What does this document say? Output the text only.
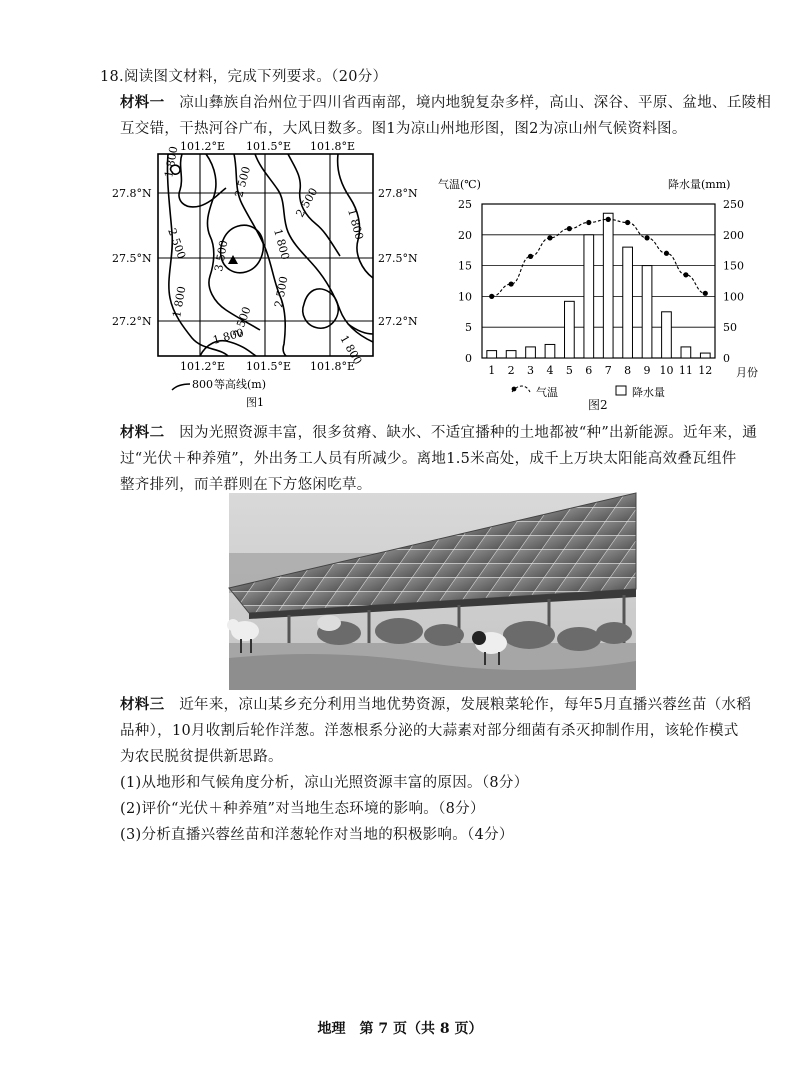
18.阅读图文材料，完成下列要求。（20分）
材料一　 凉山彝族自治州位于四川省西南部，境内地貌复杂多样，高山、深谷、平原、盆地、丘陵相
互交错，干热河谷广布，大风日数多。图1为凉山州地形图，图2为凉山州气候资料图。
1 800
2 500
2 500
2 500
1 800
1 800
3 500
1 800	2 500
1 800
2 500
1 800
101.2°E 101.5°E 101.8°E
101.2°E 101.5°E 101.8°E
27.8°N
27.5°N
27.2°N
27.8°N
27.5°N
27.2°N
800 等高线(m)
图1
0	0
5	50
10	100
15	150
20	200
25	250
1 2 3 4 5 6 7 8 9 10 11 12
气温(℃)	降水量(mm)
月份
气温	降水量
图2
材料二　 因为光照资源丰富，很多贫瘠、缺水、不适宜播种的土地都被“种”出新能源。近年来，通
过“光伏＋种养殖”，外出务工人员有所减少。离地1.5米高处，成千上万块太阳能高效叠瓦组件
整齐排列，而羊群则在下方悠闲吃草。
材料三　 近年来，凉山某乡充分利用当地优势资源，发展粮菜轮作，每年5月直播兴蓉丝苗（水稻
品种），10月收割后轮作洋葱。洋葱根系分泌的大蒜素对部分细菌有杀灭抑制作用，该轮作模式
为农民脱贫提供新思路。
(1)从地形和气候角度分析，凉山光照资源丰富的原因。（8分）
(2)评价“光伏＋种养殖”对当地生态环境的影响。（8分）
(3)分析直播兴蓉丝苗和洋葱轮作对当地的积极影响。（4分）
地理　第 7 页（共 8 页）
